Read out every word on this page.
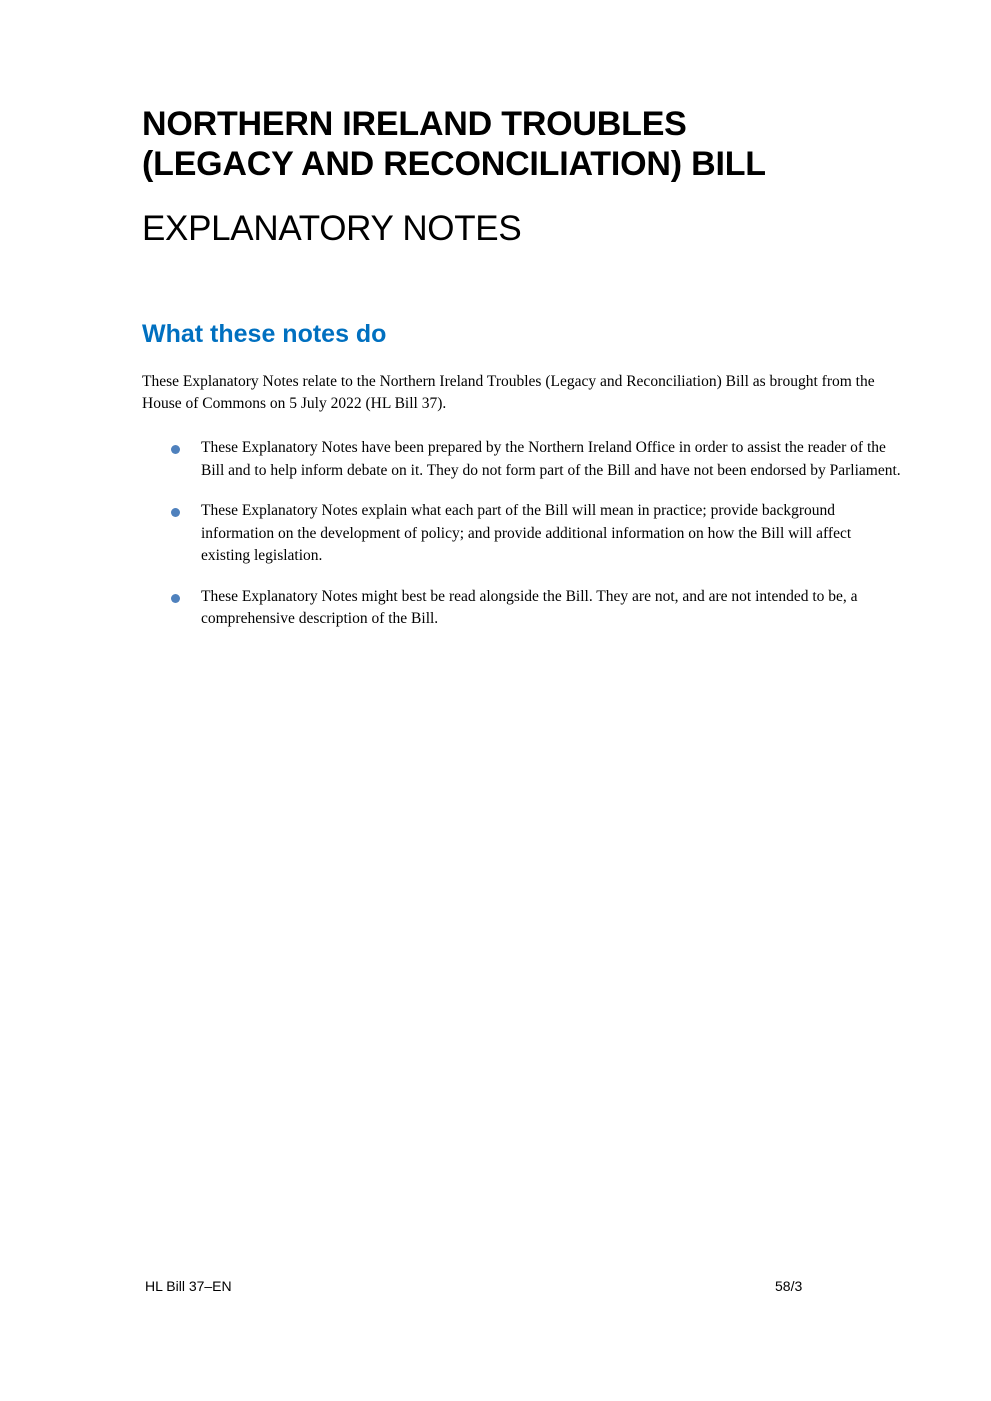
NORTHERN IRELAND TROUBLES
(LEGACY AND RECONCILIATION) BILL
EXPLANATORY NOTES
What these notes do

These Explanatory Notes relate to the Northern Ireland Troubles (Legacy and Reconciliation) Bill as brought from the House of Commons on 5 July 2022 (HL Bill 37).

These Explanatory Notes have been prepared by the Northern Ireland Office in order to assist the reader of the Bill and to help inform debate on it. They do not form part of the Bill and have not been endorsed by Parliament.
These Explanatory Notes explain what each part of the Bill will mean in practice; provide background information on the development of policy; and provide additional information on how the Bill will affect existing legislation.
These Explanatory Notes might best be read alongside the Bill. They are not, and are not intended to be, a comprehensive description of the Bill.
HL Bill 37–EN	58/3
